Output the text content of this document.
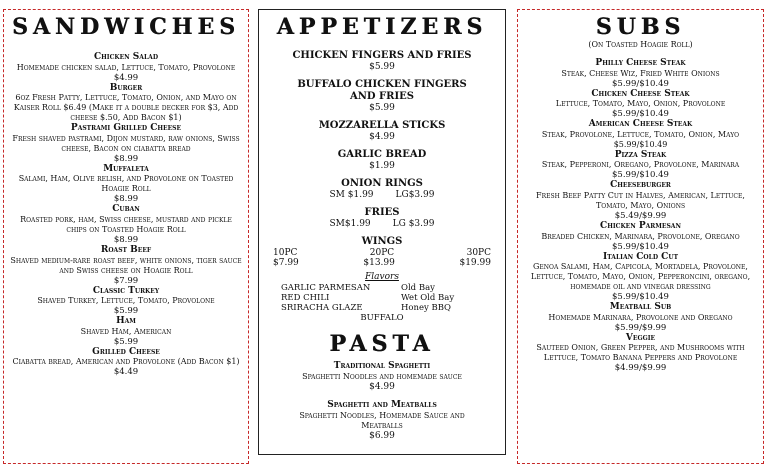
SANDWICHES
Chicken Salad
Homemade chicken salad, Lettuce, Tomato, Provolone
$4.99
Burger
6oz Fresh Patty, Lettuce, Tomato, Onion, and Mayo on Kaiser Roll $6.49 (Make it a double decker for $3, Add cheese $.50, Add Bacon $1)
Pastrami Grilled Cheese
Fresh shaved pastrami, Dijon mustard, raw onions, Swiss cheese, Bacon on ciabatta bread
$8.99
Muffaleta
Salami, Ham, Olive relish, and Provolone on Toasted Hoagie Roll
$8.99
Cuban
Roasted pork, ham, Swiss cheese, mustard and pickle chips on Toasted Hoagie Roll
$8.99
Roast Beef
Shaved medium-rare roast beef, white onions, tiger sauce and Swiss cheese on Hoagie Roll
$7.99
Classic Turkey
Shaved Turkey, Lettuce, Tomato, Provolone
$5.99
Ham
Shaved Ham, American
$5.99
Grilled Cheese
Ciabatta bread, American and Provolone (Add Bacon $1)
$4.49
APPETIZERS
CHICKEN FINGERS AND FRIES
$5.99
BUFFALO CHICKEN FINGERS AND FRIES
$5.99
MOZZARELLA STICKS
$4.99
GARLIC BREAD
$1.99
ONION RINGS
SM $1.99 LG$3.99
FRIES
SM$1.99 LG $3.99
WINGS
10PC	20PC	30PC
$7.99	$13.99	$19.99
Flavors
GARLIC PARMESAN	Old Bay
RED CHILI	Wet Old Bay
SRIRACHA GLAZE	Honey BBQ
BUFFALO
PASTA
Traditional Spaghetti
Spaghetti Noodles and homemade sauce
$4.99
Spaghetti and Meatballs
Spaghetti Noodles, Homemade Sauce and Meatballs
$6.99
SUBS
(On Toasted Hoagie Roll)
Philly Cheese Steak
Steak, Cheese Wiz, Fried White Onions
$5.99/$10.49
Chicken Cheese Steak
Lettuce, Tomato, Mayo, Onion, Provolone
$5.99/$10.49
American Cheese Steak
Steak, Provolone, Lettuce, Tomato, Onion, Mayo $5.99/$10.49
Pizza Steak
Steak, Pepperoni, Oregano, Provolone, Marinara
$5.99/$10.49
Cheeseburger
Fresh Beef Patty Cut in Halves, American, Lettuce, Tomato, Mayo, Onions
$5.49/$9.99
Chicken Parmesan
Breaded Chicken, Marinara, Provolone, Oregano
$5.99/$10.49
Italian Cold Cut
Genoa Salami, Ham, Capicola, Mortadela, Provolone, Lettuce, Tomato, Mayo, Onion, Pepperoncini, oregano, homemade oil and vinegar dressing
$5.99/$10.49
Meatball Sub
Homemade Marinara, Provolone and Oregano
$5.99/$9.99
Veggie
Sauteed Onion, Green Pepper, and Mushrooms with Lettuce, Tomato Banana Peppers and Provolone
$4.99/$9.99
